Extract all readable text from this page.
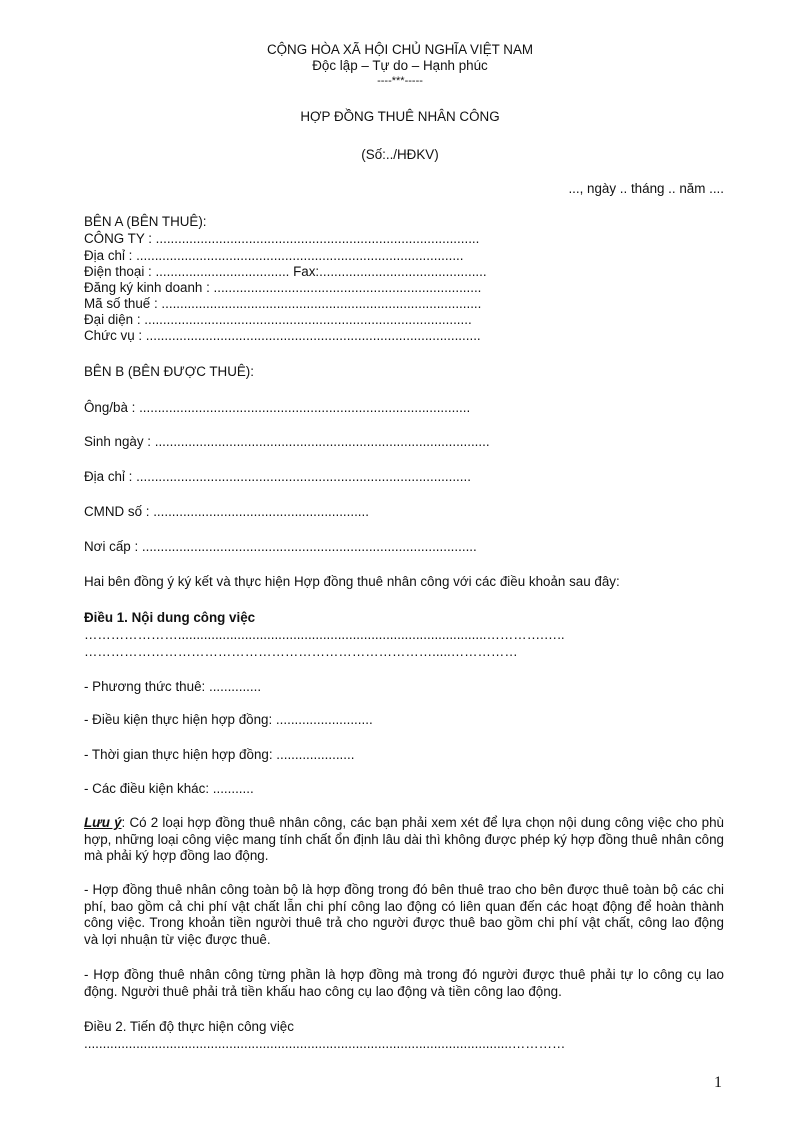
CỘNG HÒA XÃ HỘI CHỦ NGHĨA VIỆT NAM
Độc lập – Tự do – Hạnh phúc
----***-----
HỢP ĐỒNG THUÊ NHÂN CÔNG
(Số:../HĐKV)
..., ngày .. tháng .. năm ....
BÊN A (BÊN THUÊ):
CÔNG TY : .......................................................................................
Địa chỉ : ........................................................................................
Điện thoại : .................................... Fax:.............................................
Đăng ký kinh doanh : ........................................................................
Mã số thuế : ......................................................................................
Đại diện : ........................................................................................
Chức vụ : ..........................................................................................
BÊN B (BÊN ĐƯỢC THUÊ):
Ông/bà : .........................................................................................
Sinh ngày : ..........................................................................................
Địa chỉ : ..........................................................................................
CMND số : ..........................................................
Nơi cấp : ..........................................................................................
Hai bên đồng ý ký kết và thực hiện Hợp đồng thuê nhân công với các điều khoản sau đây:
Điều 1. Nội dung công việc
…………………...................................................................................………….…..
…………………………………………………………………….....……………
- Phương thức thuê: ..............
- Điều kiện thực hiện hợp đồng: ..........................
- Thời gian thực hiện hợp đồng: .....................
- Các điều kiện khác: ...........
Lưu ý: Có 2 loại hợp đồng thuê nhân công, các bạn phải xem xét để lựa chọn nội dung công việc cho phù hợp, những loại công việc mang tính chất ổn định lâu dài thì không được phép ký hợp đồng thuê nhân công mà phải ký hợp đồng lao động.
- Hợp đồng thuê nhân công toàn bộ là hợp đồng trong đó bên thuê trao cho bên được thuê toàn bộ các chi phí, bao gồm cả chi phí vật chất lẫn chi phí công lao động có liên quan đến các hoạt động để hoàn thành công việc. Trong khoản tiền người thuê trả cho người được thuê bao gồm chi phí vật chất, công lao động và lợi nhuận từ việc được thuê.
- Hợp đồng thuê nhân công từng phần là hợp đồng mà trong đó người được thuê phải tự lo công cụ lao động. Người thuê phải trả tiền khấu hao công cụ lao động và tiền công lao động.
Điều 2. Tiến độ thực hiện công việc
...................................................................................................................…………
1
